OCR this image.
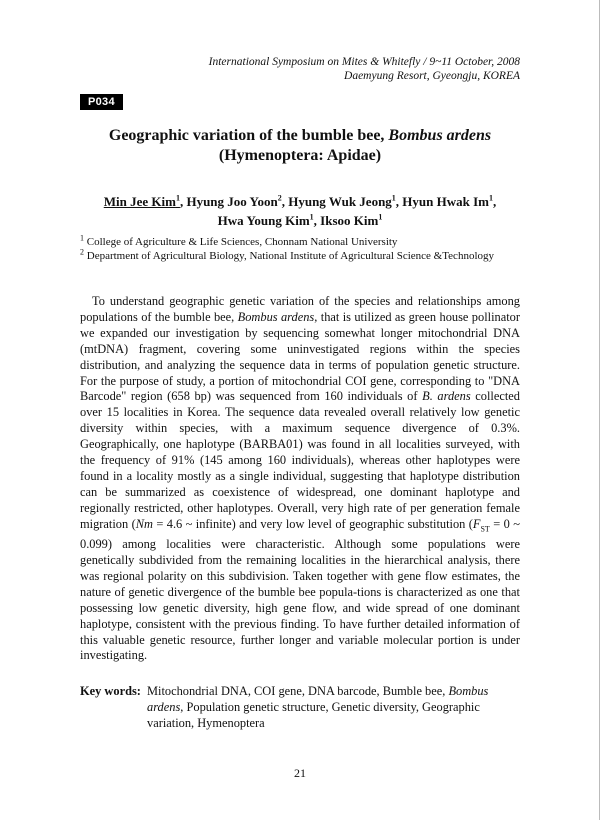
International Symposium on Mites & Whitefly / 9~11 October, 2008
Daemyung Resort, Gyeongju, KOREA
P034
Geographic variation of the bumble bee, Bombus ardens
(Hymenoptera: Apidae)
Min Jee Kim$^1$, Hyung Joo Yoon$^2$, Hyung Wuk Jeong$^1$, Hyun Hwak Im$^1$,
Hwa Young Kim$^1$, Iksoo Kim$^1$
$^1$ College of Agriculture & Life Sciences, Chonnam National University
$^2$ Department of Agricultural Biology, National Institute of Agricultural Science &Technology

To understand geographic genetic variation of the species and relationships among populations of the bumble bee, Bombus ardens, that is utilized as green house pollinator we expanded our investigation by sequencing somewhat longer mitochondrial DNA (mtDNA) fragment, covering some uninvestigated regions within the species distribution, and analyzing the sequence data in terms of population genetic structure. For the purpose of study, a portion of mitochondrial COI gene, corresponding to "DNA Barcode" region (658 bp) was sequenced from 160 individuals of B. ardens collected over 15 localities in Korea. The sequence data revealed overall relatively low genetic diversity within species, with a maximum sequence divergence of 0.3%. Geographically, one haplotype (BARBA01) was found in all localities surveyed, with the frequency of 91% (145 among 160 individuals), whereas other haplotypes were found in a locality mostly as a single individual, suggesting that haplotype distribution can be summarized as coexistence of widespread, one dominant haplotype and regionally restricted, other haplotypes. Overall, very high rate of per generation female migration (Nm = 4.6 ~ infinite) and very low level of geographic substitution ($F_{ST} = 0$ ~ 0.099) among localities were characteristic. Although some populations were genetically subdivided from the remaining localities in the hierarchical analysis, there was regional polarity on this subdivision. Taken together with gene flow estimates, the nature of genetic divergence of the bumble bee popula-tions is characterized as one that possessing low genetic diversity, high gene flow, and wide spread of one dominant haplotype, consistent with the previous finding. To have further detailed information of this valuable genetic resource, further longer and variable molecular portion is under investigating.

Key words: Mitochondrial DNA, COI gene, DNA barcode, Bumble bee, Bombus ardens, Population genetic structure, Genetic diversity, Geographic variation, Hymenoptera
21
